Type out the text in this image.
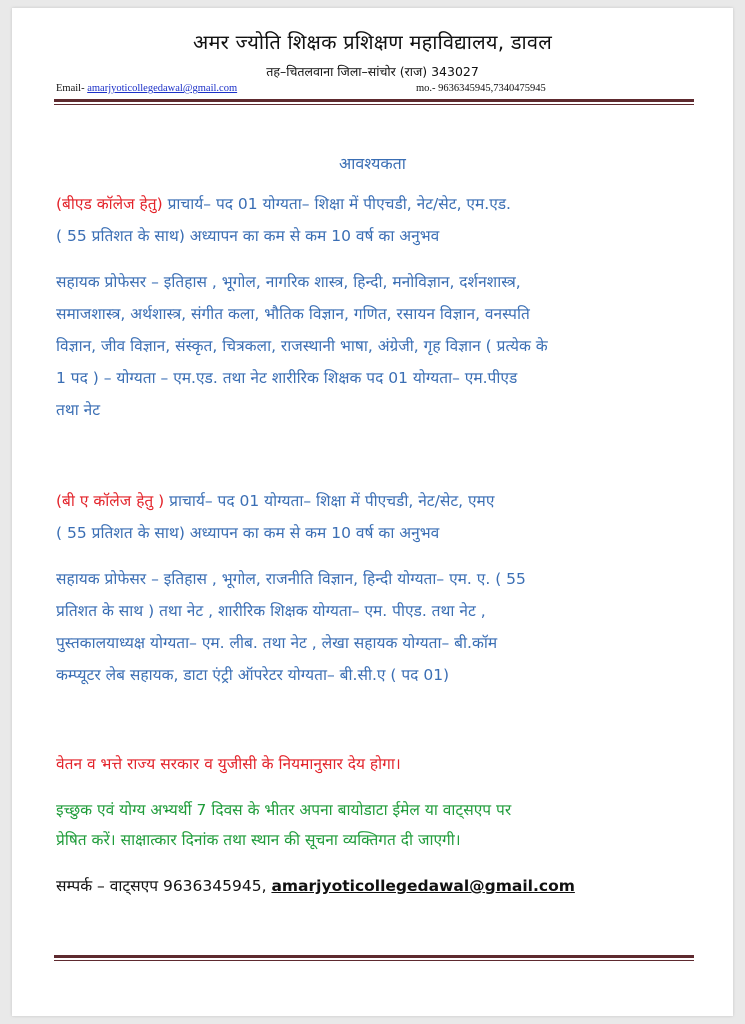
अमर ज्योति शिक्षक प्रशिक्षण महाविद्यालय, डावल
तह–चितलवाना जिला–सांचोर (राज) 343027
Email- amarjyoticollegedawal@gmail.com	mo.- 9636345945,7340475945
आवश्यकता
(बीएड कॉलेज हेतु) प्राचार्य– पद 01 योग्यता– शिक्षा में पीएचडी, नेट/सेट, एम.एड.
( 55 प्रतिशत के साथ) अध्यापन का कम से कम 10 वर्ष का अनुभव
सहायक प्रोफेसर – इतिहास , भूगोल, नागरिक शास्त्र, हिन्दी, मनोविज्ञान, दर्शनशास्त्र,
समाजशास्त्र, अर्थशास्त्र, संगीत कला, भौतिक विज्ञान, गणित, रसायन विज्ञान, वनस्पति
विज्ञान, जीव विज्ञान, संस्कृत, चित्रकला, राजस्थानी भाषा, अंग्रेजी, गृह विज्ञान ( प्रत्येक के
1 पद ) – योग्यता – एम.एड. तथा नेट शारीरिक शिक्षक पद 01 योग्यता– एम.पीएड
तथा नेट
(बी ए कॉलेज हेतु ) प्राचार्य– पद 01 योग्यता– शिक्षा में पीएचडी, नेट/सेट, एमए
( 55 प्रतिशत के साथ) अध्यापन का कम से कम 10 वर्ष का अनुभव
सहायक प्रोफेसर – इतिहास , भूगोल, राजनीति विज्ञान, हिन्दी योग्यता– एम. ए. ( 55
प्रतिशत के साथ ) तथा नेट , शारीरिक शिक्षक योग्यता– एम. पीएड. तथा नेट ,
पुस्तकालयाध्यक्ष योग्यता– एम. लीब. तथा नेट , लेखा सहायक योग्यता– बी.कॉम
कम्प्यूटर लेब सहायक, डाटा एंट्री ऑपरेटर योग्यता– बी.सी.ए ( पद 01)
वेतन व भत्ते राज्य सरकार व युजीसी के नियमानुसार देय होगा।
इच्छुक एवं योग्य अभ्यर्थी 7 दिवस के भीतर अपना बायोडाटा ईमेल या वाट्सएप पर
प्रेषित करें। साक्षात्कार दिनांक तथा स्थान की सूचना व्यक्तिगत दी जाएगी।
सम्पर्क – वाट्सएप 9636345945, amarjyoticollegedawal@gmail.com
